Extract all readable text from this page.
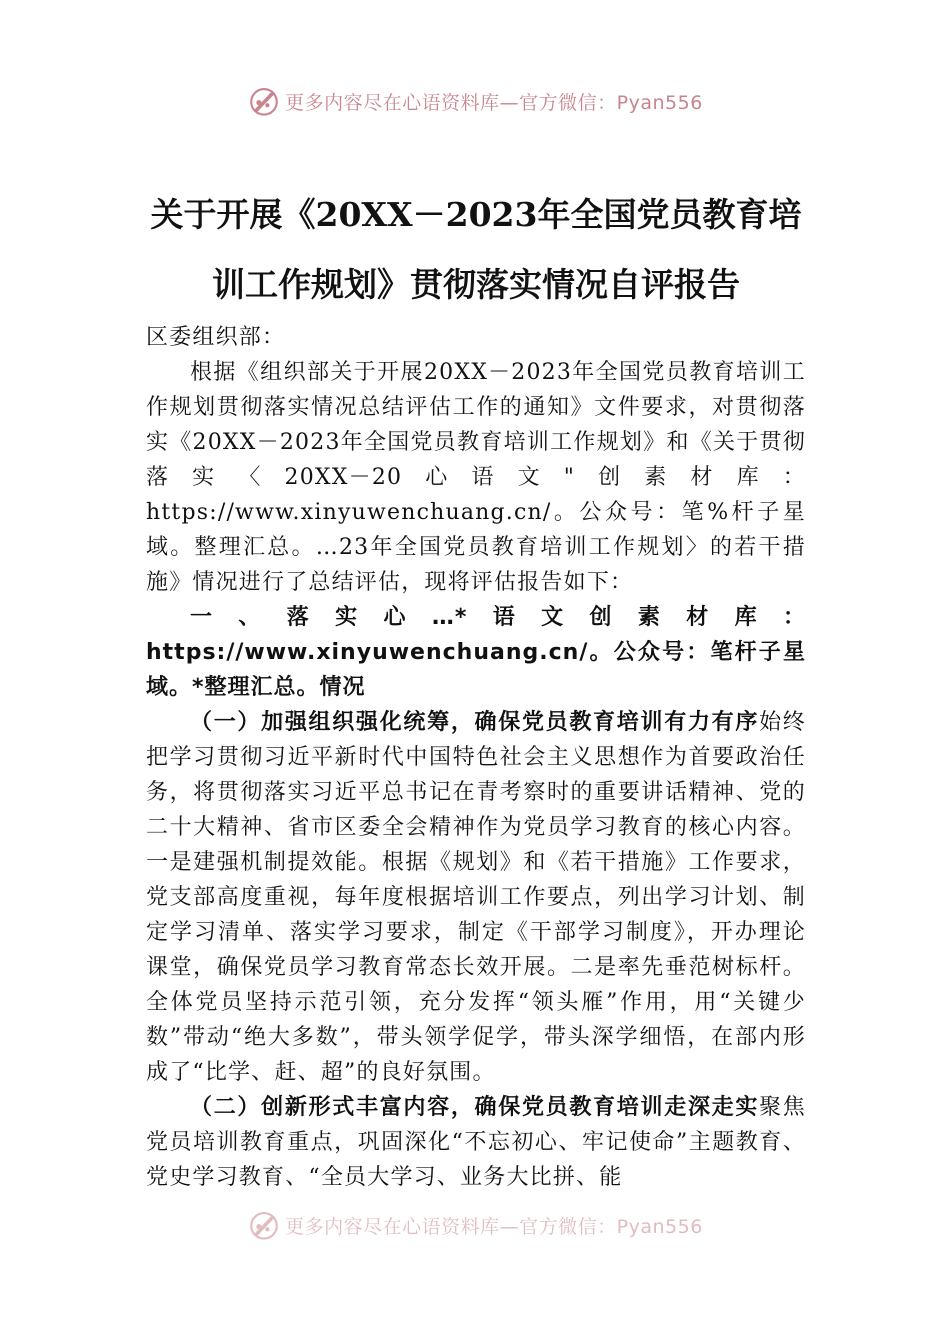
更多内容尽在心语资料库—官方微信：Pyan556
关于开展《20XX－2023年全国党员教育培
训工作规划》贯彻落实情况自评报告

区委组织部：

根据《组织部关于开展20XX－2023年全国党员教育培训工作规划贯彻落实情况总结评估工作的通知》文件要求，对贯彻落实《20XX－2023年全国党员教育培训工作规划》和《关于贯彻落实〈20XX－20心语文"创素材库：https://www.xinyuwenchuang.cn/。公众号：笔%杆子星域。整理汇总。…23年全国党员教育培训工作规划〉的若干措施》情况进行了总结评估，现将评估报告如下：

一、落实心…*语文创素材库：https://www.xinyuwenchuang.cn/。公众号：笔杆子星域。*整理汇总。情况

（一）加强组织强化统筹，确保党员教育培训有力有序始终把学习贯彻习近平新时代中国特色社会主义思想作为首要政治任务，将贯彻落实习近平总书记在青考察时的重要讲话精神、党的二十大精神、省市区委全会精神作为党员学习教育的核心内容。一是建强机制提效能。根据《规划》和《若干措施》工作要求，党支部高度重视，每年度根据培训工作要点，列出学习计划、制定学习清单、落实学习要求，制定《干部学习制度》，开办理论课堂，确保党员学习教育常态长效开展。二是率先垂范树标杆。全体党员坚持示范引领，充分发挥“领头雁”作用，用“关键少数”带动“绝大多数”，带头领学促学，带头深学细悟，在部内形成了“比学、赶、超”的良好氛围。

（二）创新形式丰富内容，确保党员教育培训走深走实聚焦党员培训教育重点，巩固深化“不忘初心、牢记使命”主题教育、党史学习教育、“全员大学习、业务大比拼、能

更多内容尽在心语资料库—官方微信：Pyan556
